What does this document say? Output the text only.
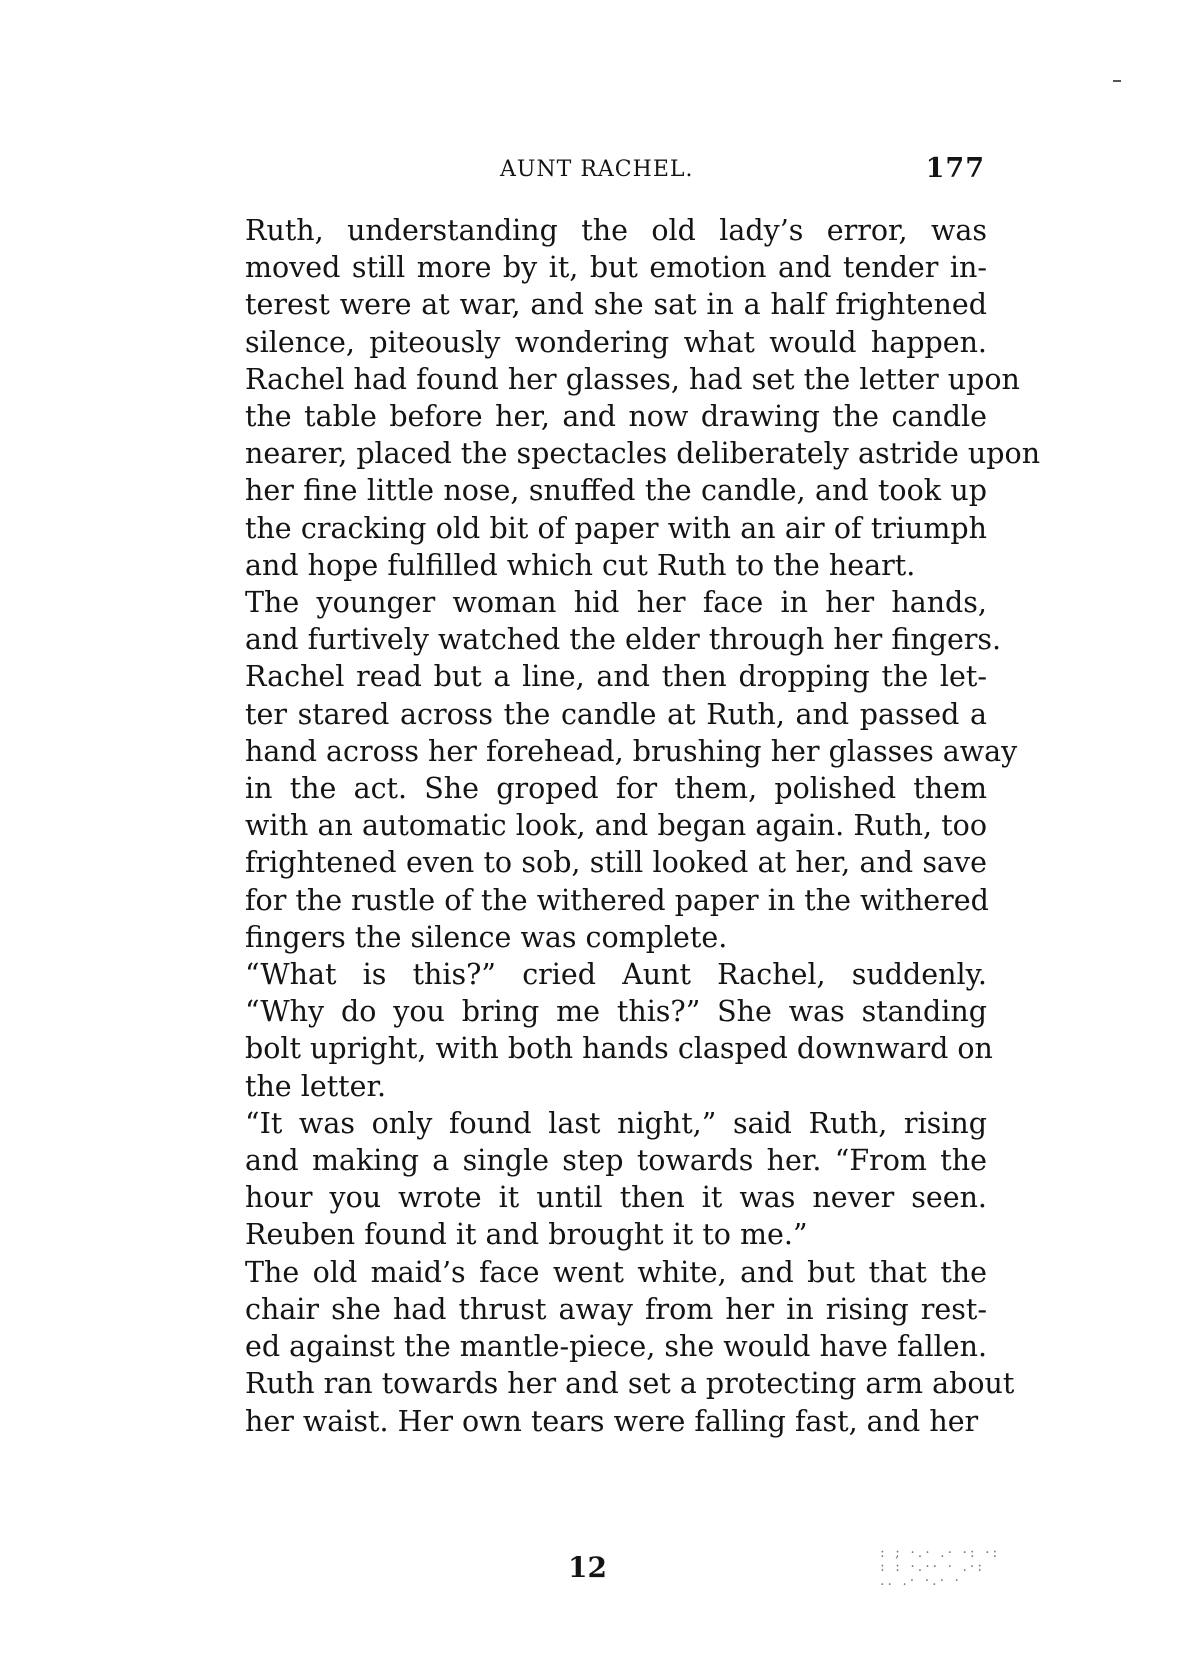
AUNT RACHEL.	177

Ruth, understanding the old lady’s error, was
moved still more by it, but emotion and tender in-
terest were at war, and she sat in a half frightened
silence, piteously wondering what would happen.
Rachel had found her glasses, had set the letter upon
the table before her, and now drawing the candle
nearer, placed the spectacles deliberately astride upon
her fine little nose, snuffed the candle, and took up
the cracking old bit of paper with an air of triumph
and hope fulfilled which cut Ruth to the heart.

The younger woman hid her face in her hands,
and furtively watched the elder through her fingers.

Rachel read but a line, and then dropping the let-
ter stared across the candle at Ruth, and passed a
hand across her forehead, brushing her glasses away
in the act. She groped for them, polished them
with an automatic look, and began again. Ruth, too
frightened even to sob, still looked at her, and save
for the rustle of the withered paper in the withered
fingers the silence was complete.

“What is this?” cried Aunt Rachel, suddenly.
“Why do you bring me this?” She was standing
bolt upright, with both hands clasped downward on
the letter.

“It was only found last night,” said Ruth, rising
and making a single step towards her. “From the
hour you wrote it until then it was never seen.
Reuben found it and brought it to me.”

The old maid’s face went white, and but that the
chair she had thrust away from her in rising rest-
ed against the mantle-piece, she would have fallen.
Ruth ran towards her and set a protecting arm about
her waist. Her own tears were falling fast, and her

12	: ; ·.· .· ·: ·:
: : ·.·· · .·:
.. .· ·.· ·
